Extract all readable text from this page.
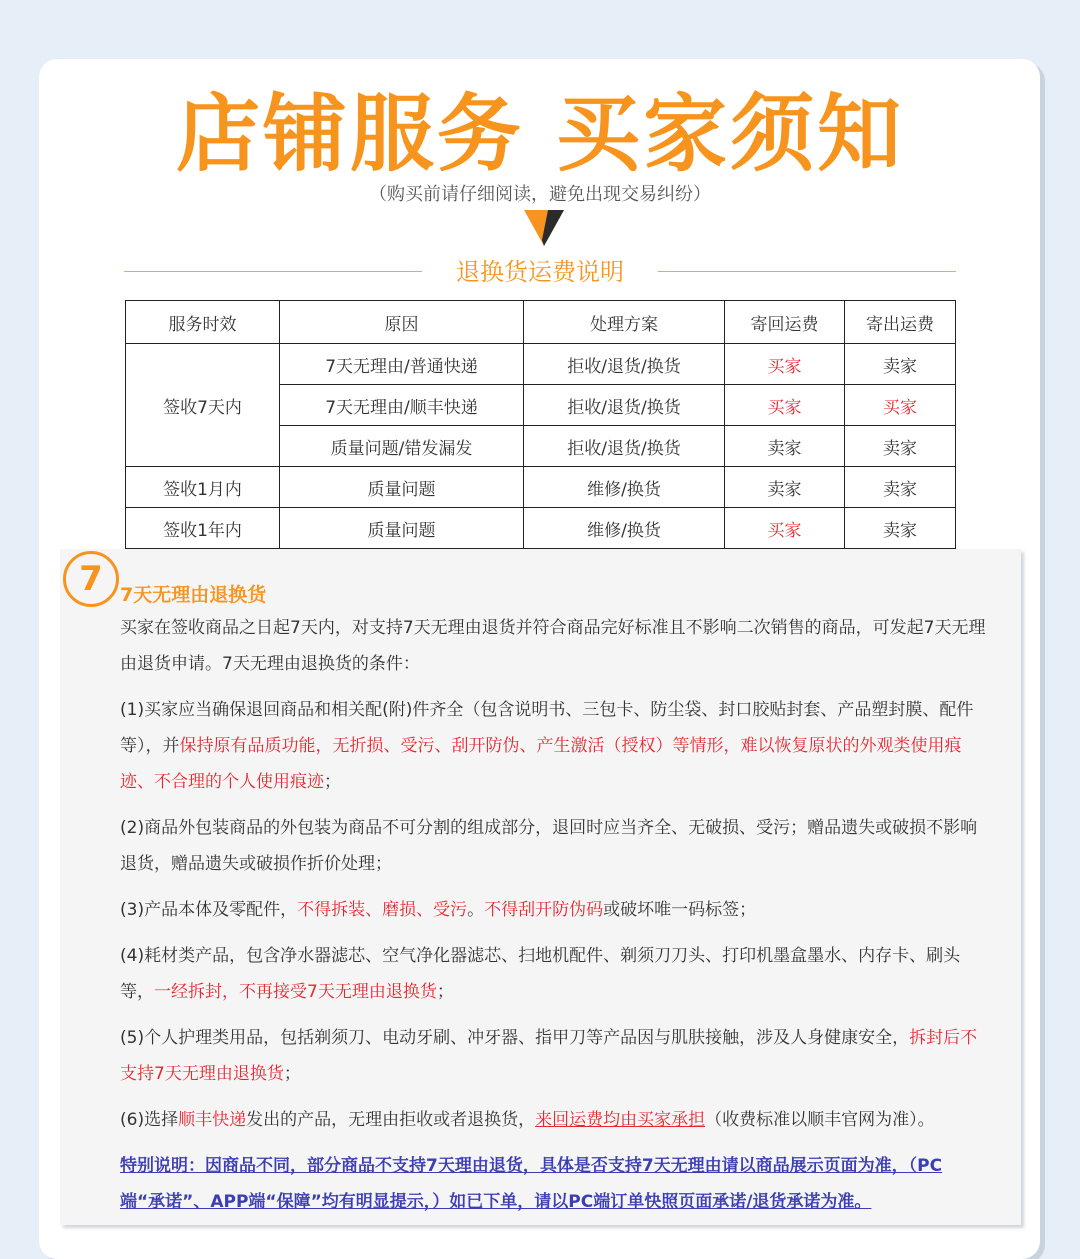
店铺服务 买家须知
（购买前请仔细阅读，避免出现交易纠纷）
退换货运费说明
服务时效	原因	处理方案	寄回运费	寄出运费
签收7天内	7天无理由/普通快递	拒收/退货/换货	买家	卖家
	7天无理由/顺丰快递	拒收/退货/换货	买家	买家
	质量问题/错发漏发	拒收/退货/换货	卖家	卖家
签收1月内	质量问题	维修/换货	卖家	卖家
签收1年内	质量问题	维修/换货	买家	卖家
7 7天无理由退换货
买家在签收商品之日起7天内，对支持7天无理由退货并符合商品完好标准且不影响二次销售的商品，可发起7天无理由退货申请。7天无理由退换货的条件：
(1)买家应当确保退回商品和相关配(附)件齐全（包含说明书、三包卡、防尘袋、封口胶贴封套、产品塑封膜、配件等），并保持原有品质功能，无折损、受污、刮开防伪、产生激活（授权）等情形，难以恢复原状的外观类使用痕迹、不合理的个人使用痕迹；
(2)商品外包装商品的外包装为商品不可分割的组成部分，退回时应当齐全、无破损、受污；赠品遗失或破损不影响退货，赠品遗失或破损作折价处理；
(3)产品本体及零配件，不得拆装、磨损、受污。不得刮开防伪码或破坏唯一码标签；
(4)耗材类产品，包含净水器滤芯、空气净化器滤芯、扫地机配件、剃须刀刀头、打印机墨盒墨水、内存卡、刷头等，一经拆封，不再接受7天无理由退换货；
(5)个人护理类用品，包括剃须刀、电动牙刷、冲牙器、指甲刀等产品因与肌肤接触，涉及人身健康安全，拆封后不支持7天无理由退换货；
(6)选择顺丰快递发出的产品，无理由拒收或者退换货，来回运费均由买家承担（收费标准以顺丰官网为准）。
特别说明：因商品不同，部分商品不支持7天理由退货，具体是否支持7天无理由请以商品展示页面为准，（PC端“承诺”、APP端“保障”均有明显提示，）如已下单，请以PC端订单快照页面承诺/退货承诺为准。
